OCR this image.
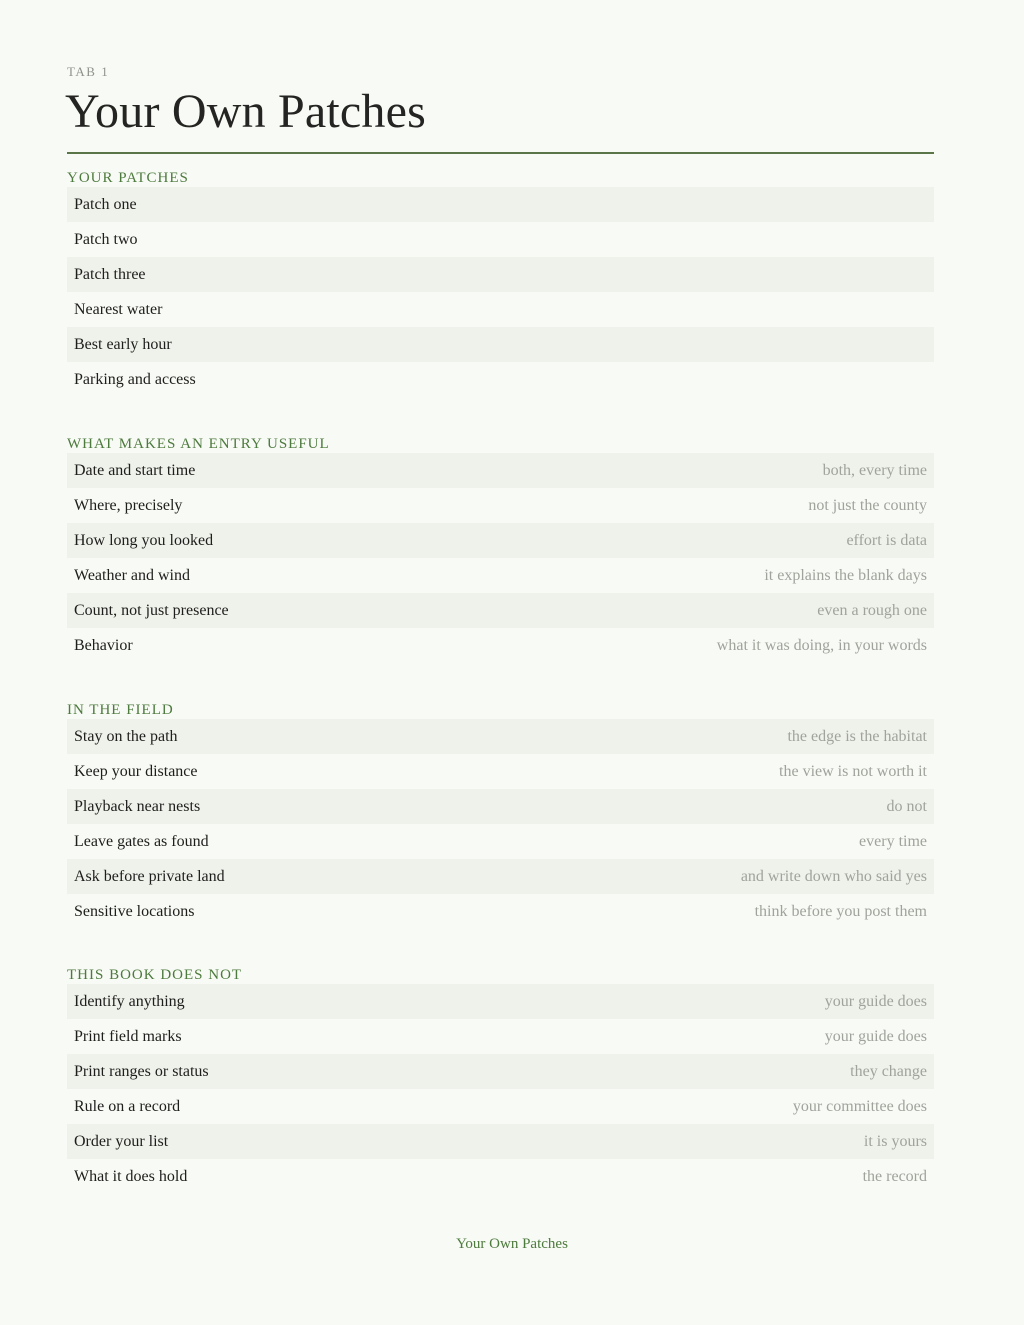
TAB 1
Your Own Patches
YOUR PATCHES
Patch one
Patch two
Patch three
Nearest water
Best early hour
Parking and access
WHAT MAKES AN ENTRY USEFUL
Date and start time	both, every time
Where, precisely	not just the county
How long you looked	effort is data
Weather and wind	it explains the blank days
Count, not just presence	even a rough one
Behavior	what it was doing, in your words
IN THE FIELD
Stay on the path	the edge is the habitat
Keep your distance	the view is not worth it
Playback near nests	do not
Leave gates as found	every time
Ask before private land	and write down who said yes
Sensitive locations	think before you post them
THIS BOOK DOES NOT
Identify anything	your guide does
Print field marks	your guide does
Print ranges or status	they change
Rule on a record	your committee does
Order your list	it is yours
What it does hold	the record
Your Own Patches
